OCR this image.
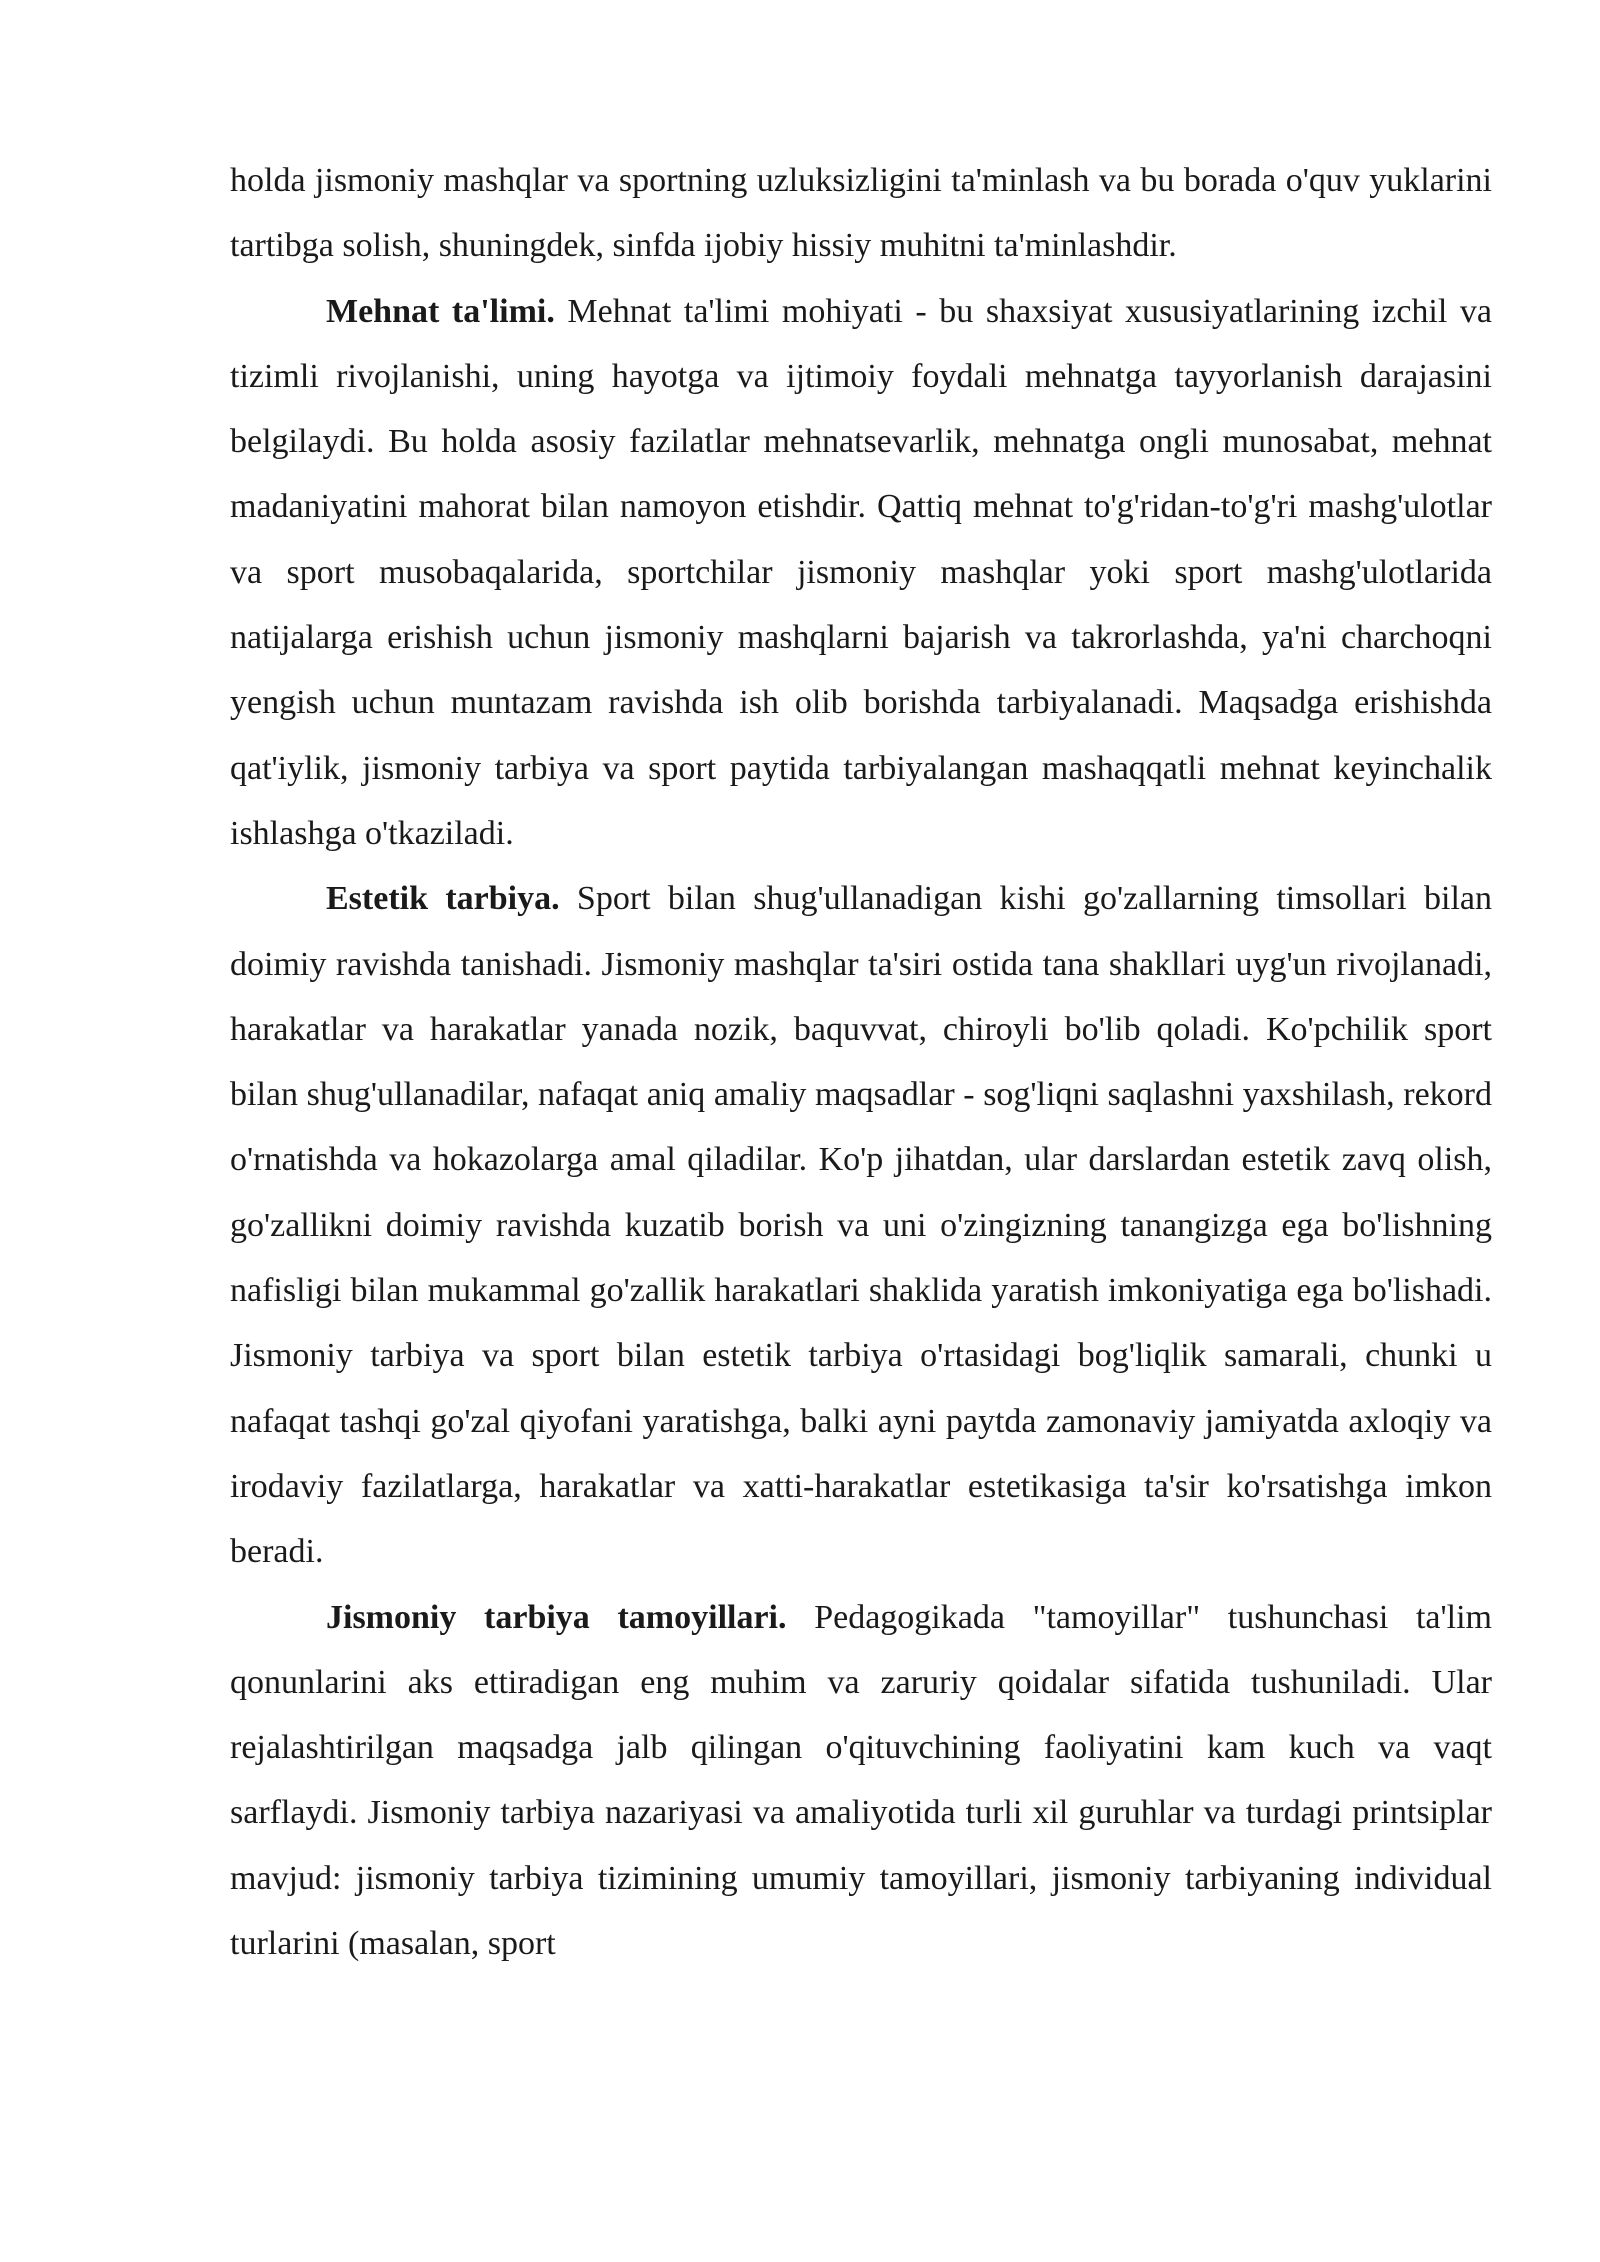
holda jismoniy mashqlar va sportning uzluksizligini ta'minlash va bu borada o'quv yuklarini tartibga solish, shuningdek, sinfda ijobiy hissiy muhitni ta'minlashdir.

Mehnat ta'limi. Mehnat ta'limi mohiyati - bu shaxsiyat xususiyatlarining izchil va tizimli rivojlanishi, uning hayotga va ijtimoiy foydali mehnatga tayyorlanish darajasini belgilaydi. Bu holda asosiy fazilatlar mehnatsevarlik, mehnatga ongli munosabat, mehnat madaniyatini mahorat bilan namoyon etishdir. Qattiq mehnat to'g'ridan-to'g'ri mashg'ulotlar va sport musobaqalarida, sportchilar jismoniy mashqlar yoki sport mashg'ulotlarida natijalarga erishish uchun jismoniy mashqlarni bajarish va takrorlashda, ya'ni charchoqni yengish uchun muntazam ravishda ish olib borishda tarbiyalanadi. Maqsadga erishishda qat'iylik, jismoniy tarbiya va sport paytida tarbiyalangan mashaqqatli mehnat keyinchalik ishlashga o'tkaziladi.

Estetik tarbiya. Sport bilan shug'ullanadigan kishi go'zallarning timsollari bilan doimiy ravishda tanishadi. Jismoniy mashqlar ta'siri ostida tana shakllari uyg'un rivojlanadi, harakatlar va harakatlar yanada nozik, baquvvat, chiroyli bo'lib qoladi. Ko'pchilik sport bilan shug'ullanadilar, nafaqat aniq amaliy maqsadlar - sog'liqni saqlashni yaxshilash, rekord o'rnatishda va hokazolarga amal qiladilar. Ko'p jihatdan, ular darslardan estetik zavq olish, go'zallikni doimiy ravishda kuzatib borish va uni o'zingizning tanangizga ega bo'lishning nafisligi bilan mukammal go'zallik harakatlari shaklida yaratish imkoniyatiga ega bo'lishadi. Jismoniy tarbiya va sport bilan estetik tarbiya o'rtasidagi bog'liqlik samarali, chunki u nafaqat tashqi go'zal qiyofani yaratishga, balki ayni paytda zamonaviy jamiyatda axloqiy va irodaviy fazilatlarga, harakatlar va xatti-harakatlar estetikasiga ta'sir ko'rsatishga imkon beradi.

Jismoniy tarbiya tamoyillari. Pedagogikada "tamoyillar" tushunchasi ta'lim qonunlarini aks ettiradigan eng muhim va zaruriy qoidalar sifatida tushuniladi. Ular rejalashtirilgan maqsadga jalb qilingan o'qituvchining faoliyatini kam kuch va vaqt sarflaydi. Jismoniy tarbiya nazariyasi va amaliyotida turli xil guruhlar va turdagi printsiplar mavjud: jismoniy tarbiya tizimining umumiy tamoyillari, jismoniy tarbiyaning individual turlarini (masalan, sport
